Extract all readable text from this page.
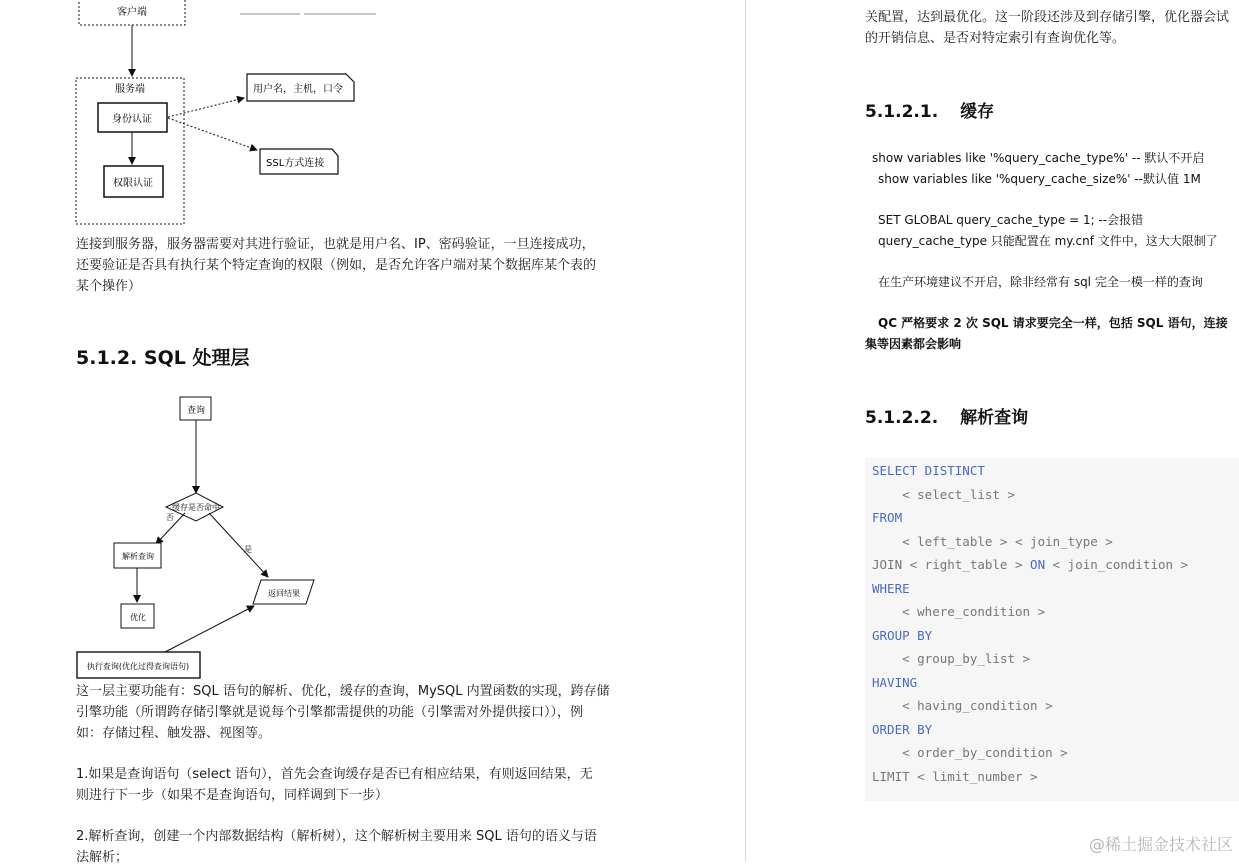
客户端
服务端
身份认证
权限认证
用户名，主机，口令
SSL方式连接
连接到服务器，服务器需要对其进行验证，也就是用户名、IP、密码验证，一旦连接成功，
还要验证是否具有执行某个特定查询的权限（例如，是否允许客户端对某个数据库某个表的
某个操作）
5.1.2. SQL 处理层
查询
缓存是否命中
否
是
解析查询
优化
返回结果
执行查询(优化过得查询语句)
这一层主要功能有：SQL 语句的解析、优化，缓存的查询，MySQL 内置函数的实现，跨存储
引擎功能（所谓跨存储引擎就是说每个引擎都需提供的功能（引擎需对外提供接口）），例
如：存储过程、触发器、视图等。
1.如果是查询语句（select 语句），首先会查询缓存是否已有相应结果，有则返回结果，无
则进行下一步（如果不是查询语句，同样调到下一步）
2.解析查询，创建一个内部数据结构（解析树），这个解析树主要用来 SQL 语句的语义与语
法解析；
关配置，达到最优化。这一阶段还涉及到存储引擎，优化器会试
的开销信息、是否对特定索引有查询优化等。
5.1.2.1. 缓存
show variables like '%query_cache_type%' -- 默认不开启
show variables like '%query_cache_size%' --默认值 1M
SET GLOBAL query_cache_type = 1; --会报错
query_cache_type 只能配置在 my.cnf 文件中，这大大限制了
在生产环境建议不开启，除非经常有 sql 完全一模一样的查询
QC 严格要求 2 次 SQL 请求要完全一样，包括 SQL 语句，连接
集等因素都会影响
5.1.2.2. 解析查询
SELECT DISTINCT
< select_list >
FROM
< left_table > < join_type >
JOIN < right_table > ON < join_condition >
WHERE
< where_condition >
GROUP BY
< group_by_list >
HAVING
< having_condition >
ORDER BY
< order_by_condition >
LIMIT < limit_number >
@稀土掘金技术社区
